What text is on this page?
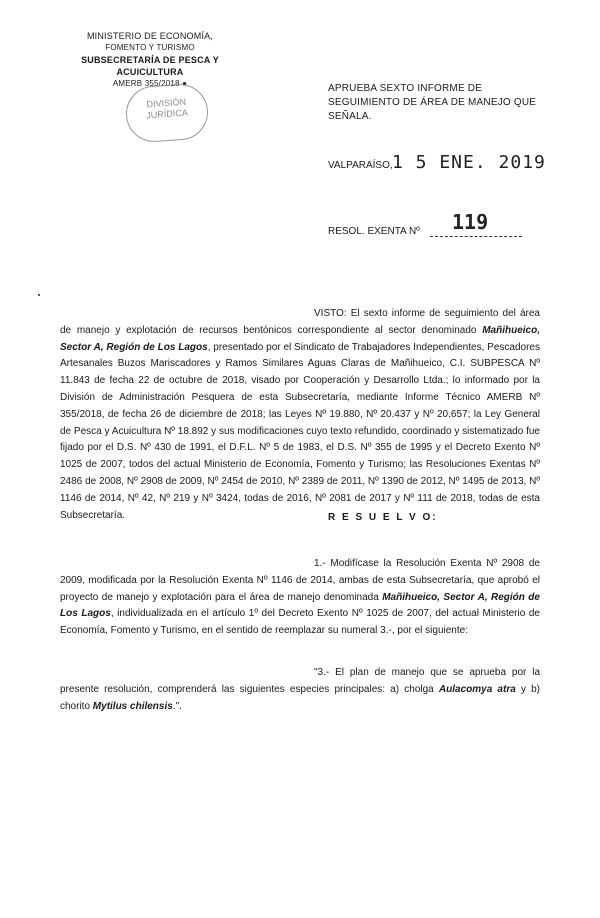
MINISTERIO DE ECONOMÍA,
FOMENTO Y TURISMO
SUBSECRETARÍA DE PESCA Y ACUICULTURA
AMERB 355/2018 ●
DIVISIÓN
JURÍDICA
APRUEBA SEXTO INFORME DE SEGUIMIENTO DE ÁREA DE MANEJO QUE SEÑALA.
VALPARAÍSO, 1 5 ENE. 2019
RESOL. EXENTA Nº 119
VISTO: El sexto informe de seguimiento del área de manejo y explotación de recursos bentónicos correspondiente al sector denominado Mañihueico, Sector A, Región de Los Lagos, presentado por el Sindicato de Trabajadores Independientes, Pescadores Artesanales Buzos Mariscadores y Ramos Similares Aguas Claras de Mañihueico, C.I. SUBPESCA Nº 11.843 de fecha 22 de octubre de 2018, visado por Cooperación y Desarrollo Ltda.; lo informado por la División de Administración Pesquera de esta Subsecretaría, mediante Informe Técnico AMERB Nº 355/2018, de fecha 26 de diciembre de 2018; las Leyes Nº 19.880, Nº 20.437 y Nº 20.657; la Ley General de Pesca y Acuicultura Nº 18.892 y sus modificaciones cuyo texto refundido, coordinado y sistematizado fue fijado por el D.S. Nº 430 de 1991, el D.F.L. Nº 5 de 1983, el D.S. Nº 355 de 1995 y el Decreto Exento Nº 1025 de 2007, todos del actual Ministerio de Economía, Fomento y Turismo; las Resoluciones Exentas Nº 2486 de 2008, Nº 2908 de 2009, Nº 2454 de 2010, Nº 2389 de 2011, Nº 1390 de 2012, Nº 1495 de 2013, Nº 1146 de 2014, Nº 42, Nº 219 y Nº 3424, todas de 2016, Nº 2081 de 2017 y Nº 111 de 2018, todas de esta Subsecretaría.	R E S U E L V O:
1.- Modifícase la Resolución Exenta Nº 2908 de 2009, modificada por la Resolución Exenta Nº 1146 de 2014, ambas de esta Subsecretaría, que aprobó el proyecto de manejo y explotación para el área de manejo denominada Mañihueico, Sector A, Región de Los Lagos, individualizada en el artículo 1º del Decreto Exento Nº 1025 de 2007, del actual Ministerio de Economía, Fomento y Turismo, en el sentido de reemplazar su numeral 3.-, por el siguiente:
"3.- El plan de manejo que se aprueba por la presente resolución, comprenderá las siguientes especies principales: a) cholga Aulacomya atra y b) chorito Mytilus chilensis.".
